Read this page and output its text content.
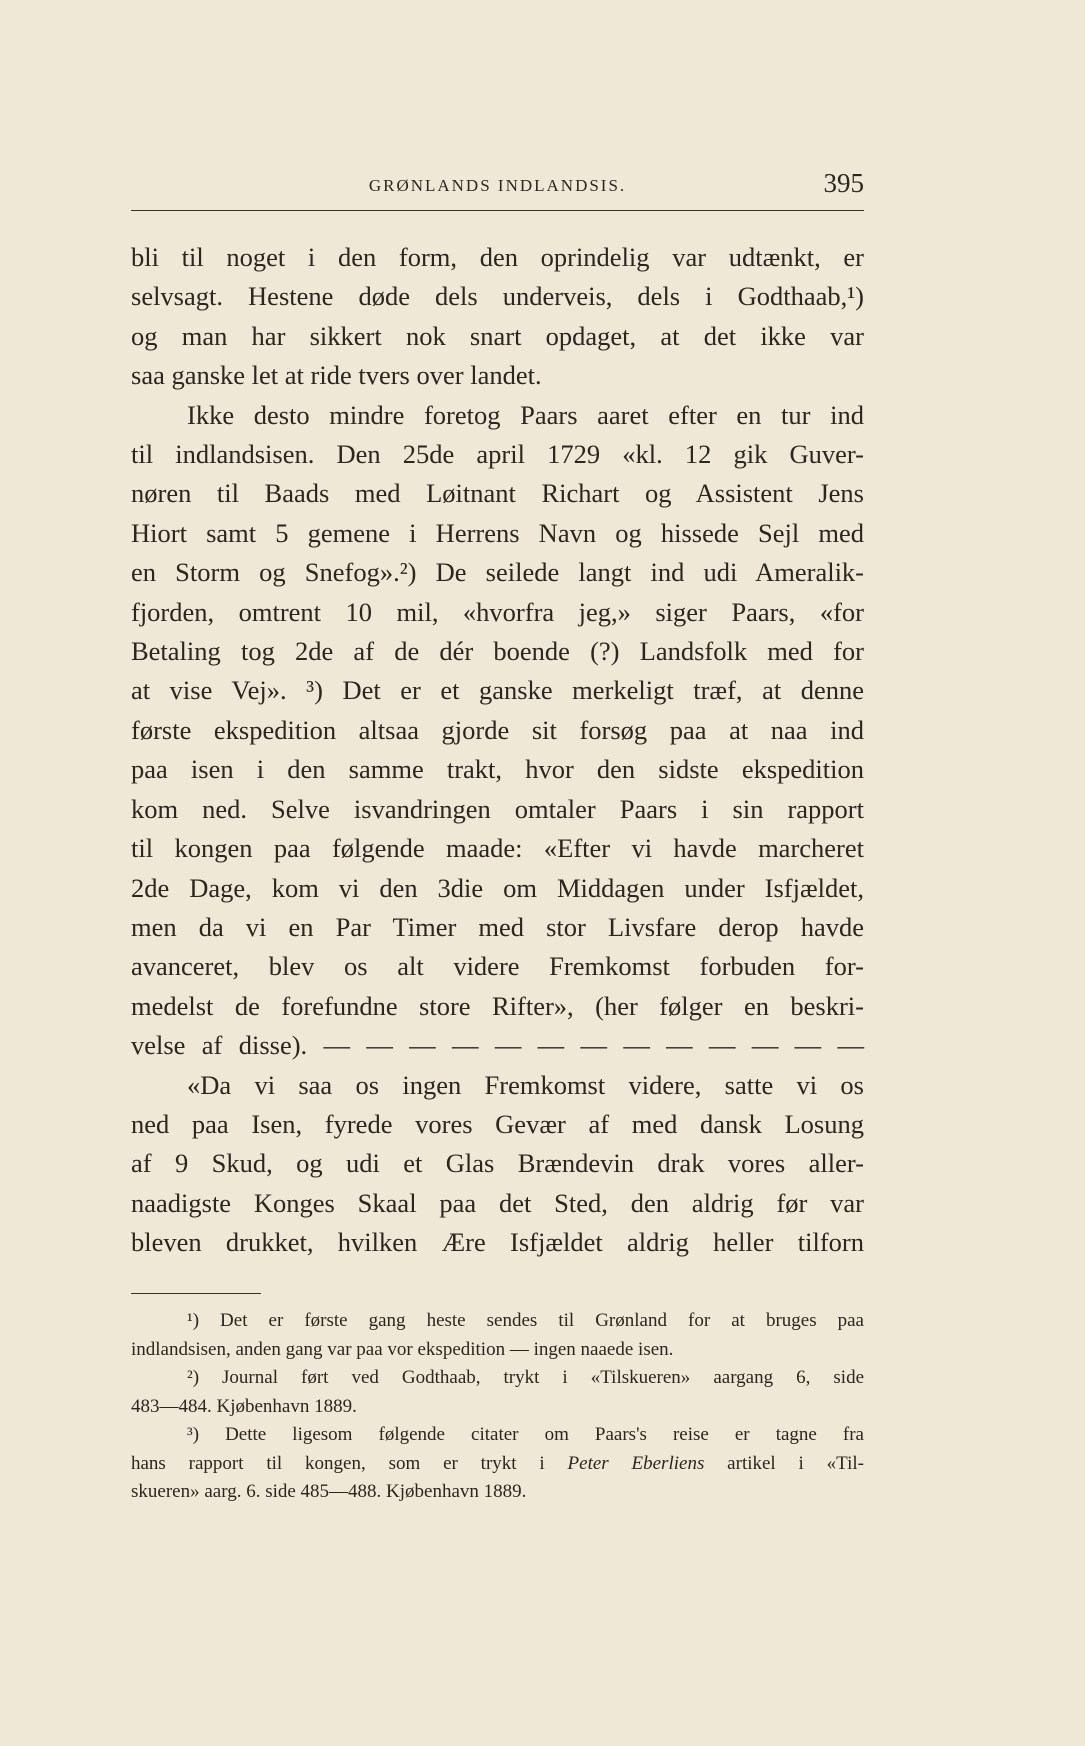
GRØNLANDS INDLANDSIS.	395
bli til noget i den form, den oprindelig var udtænkt, er
selvsagt. Hestene døde dels underveis, dels i Godthaab,¹)
og man har sikkert nok snart opdaget, at det ikke var
saa ganske let at ride tvers over landet.
Ikke desto mindre foretog Paars aaret efter en tur ind
til indlandsisen. Den 25de april 1729 «kl. 12 gik Guver-
nøren til Baads med Løitnant Richart og Assistent Jens
Hiort samt 5 gemene i Herrens Navn og hissede Sejl med
en Storm og Snefog».²) De seilede langt ind udi Ameralik-
fjorden, omtrent 10 mil, «hvorfra jeg,» siger Paars, «for
Betaling tog 2de af de dér boende (?) Landsfolk med for
at vise Vej». ³) Det er et ganske merkeligt træf, at denne
første ekspedition altsaa gjorde sit forsøg paa at naa ind
paa isen i den samme trakt, hvor den sidste ekspedition
kom ned. Selve isvandringen omtaler Paars i sin rapport
til kongen paa følgende maade: «Efter vi havde marcheret
2de Dage, kom vi den 3die om Middagen under Isfjældet,
men da vi en Par Timer med stor Livsfare derop havde
avanceret, blev os alt videre Fremkomst forbuden for-
medelst de forefundne store Rifter», (her følger en beskri-
velse af disse). — — — — — — — — — — — — —
«Da vi saa os ingen Fremkomst videre, satte vi os
ned paa Isen, fyrede vores Gevær af med dansk Losung
af 9 Skud, og udi et Glas Brændevin drak vores aller-
naadigste Konges Skaal paa det Sted, den aldrig før var
bleven drukket, hvilken Ære Isfjældet aldrig heller tilforn
¹) Det er første gang heste sendes til Grønland for at bruges paa
indlandsisen, anden gang var paa vor ekspedition — ingen naaede isen.
²) Journal ført ved Godthaab, trykt i «Tilskueren» aargang 6, side
483—484. Kjøbenhavn 1889.
³) Dette ligesom følgende citater om Paars's reise er tagne fra
hans rapport til kongen, som er trykt i Peter Eberliens artikel i «Til-
skueren» aarg. 6. side 485—488. Kjøbenhavn 1889.
